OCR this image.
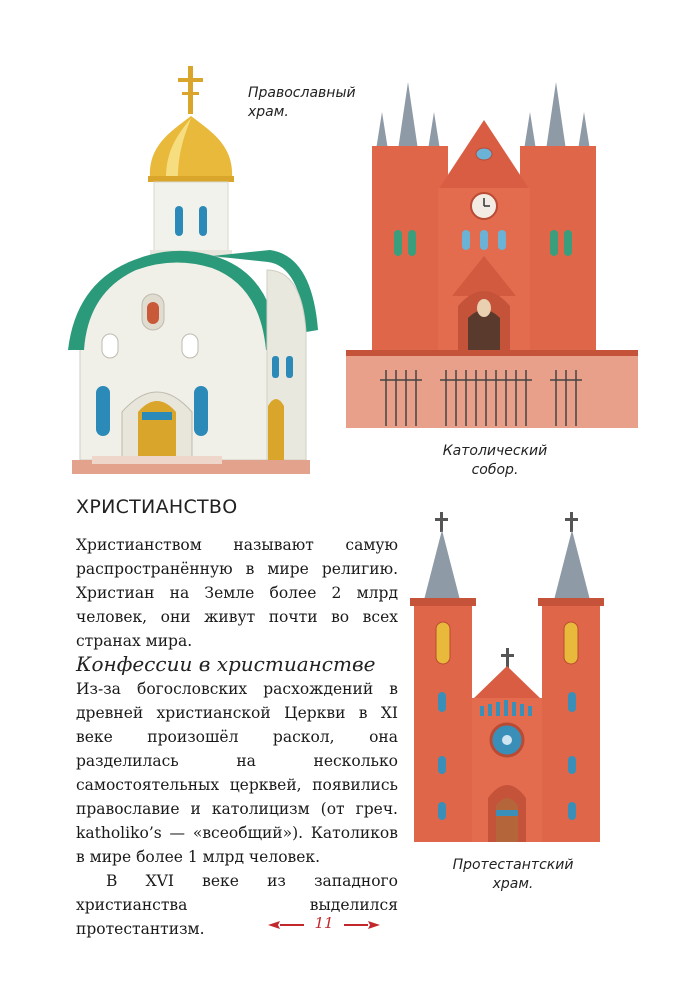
Православный храм.
Католический собор.
Протестантский храм.
ХРИСТИАНСТВО

Христианством называют самую распространённую в мире религию. Христиан на Земле более 2 млрд человек, они живут почти во всех странах мира.

Конфессии в христианстве

Из-за богословских расхождений в древней христианской Церкви в XI веке произошёл раскол, она разделилась на несколько самостоятельных церквей, появились православие и католицизм (от греч. katholiko’s — «всеобщий»). Католиков в мире более 1 млрд человек.

В XVI веке из западного христианства выделился протестантизм.	11
